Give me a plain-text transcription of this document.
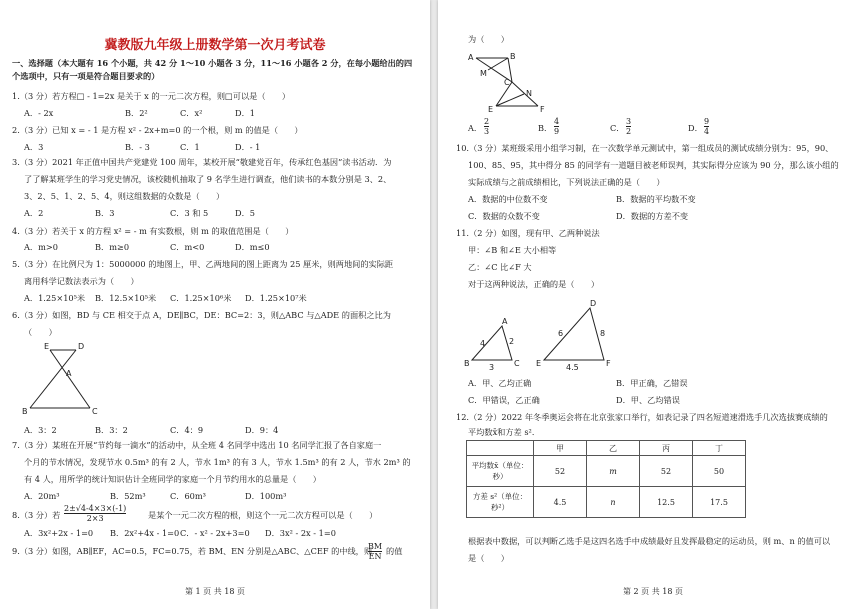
冀教版九年级上册数学第一次月考试卷
一、选择题（本大题有 16 个小题，共 42 分 1～10 小题各 3 分，11～16 小题各 2 分，在每小题给出的四
个选项中，只有一项是符合题目要求的）
1.（3 分）若方程□ - 1=2x 是关于 x 的一元二次方程，则□可以是（　　）
A．- 2x	B．2²	C．x²	D．1
2.（3 分）已知 x = - 1 是方程 x² - 2x+m=0 的一个根，则 m 的值是（　　）
A．3	B．- 3	C．1	D．- 1
3.（3 分）2021 年正值中国共产党建党 100 周年，某校开展“敬建党百年，传承红色基因”读书活动．为
了了解某班学生的学习党史情况，该校随机抽取了 9 名学生进行调查，他们读书的本数分别是 3、2、
3、2、5、1、2、5、4，则这组数据的众数是（　　）
A．2	B．3	C．3 和 5	D．5
4.（3 分）若关于 x 的方程 x² = - m 有实数根，则 m 的取值范围是（　　）
A．m>0	B．m≥0	C．m<0	D．m≤0
5.（3 分）在比例尺为 1：5000000 的地图上，甲、乙两地间的图上距离为 25 厘米，则两地间的实际距
离用科学记数法表示为（　　）
A．1.25×10⁵米 B．12.5×10⁵米 C．1.25×10⁶米 D．1.25×10⁷米
6.（3 分）如图，BD 与 CE 相交于点 A，DE∥BC，DE：BC=2：3，则△ABC 与△ADE 的面积之比为
（　　）
E	D
A
B	C
A．3：2	B．3：2	C．4：9	D．9：4
7.（3 分）某班在开展“节约每一滴水”的活动中，从全班 4 名同学中选出 10 名同学汇报了各自家庭一
个月的节水情况，发现节水 0.5m³ 的有 2 人，节水 1m³ 的有 3 人，节水 1.5m³ 的有 2 人，节水 2m³ 的
有 4 人，用所学的统计知识估计全班同学的家庭一个月节约用水的总量是（　　）
A．20m³	B．52m³	C．60m³	D．100m³
8.（3 分）若 $\frac{2\pm√4-4\times 3\times(-1)}{2\times 3}$	是某个一元二次方程的根，则这个一元二次方程可以是（　　）
A．3x²+2x - 1=0 B．2x²+4x - 1=0 C．- x² - 2x+3=0 D．3x² - 2x - 1=0
9.（3 分）如图，AB∥EF，AC=0.5，FC=0.75，若 BM、EN 分别是△ABC、△CEF 的中线，则
$\frac{BM}{EN}$ 的值
第 1 页 共 18 页
为（　　）
A	B
M
C
N
E	F
A． $\frac{2}{3}$	B． $\frac{4}{9}$	C． $\frac{3}{2}$	D． $\frac{9}{4}$
10.（3 分）某班级采用小组学习制，在一次数学单元测试中，第一组成员的测试成绩分别为：95，90、
100、85、95，其中得分 85 的同学有一道题目被老师误判，其实际得分应该为 90 分，那么该小组的
实际成绩与之前成绩相比，下列说法正确的是（　　）
A．数据的中位数不变	B．数据的平均数不变
C．数据的众数不变	D．数据的方差不变
11.（2 分）如图，现有甲、乙两种说法
甲：∠B 和∠E 大小相等
乙：∠C 比∠F 大
对于这两种说法，正确的是（　　）
B
A
C
2
4
3	E
D
F
6	8
4.5
A．甲、乙均正确	B．甲正确，乙错误
C．甲错误，乙正确	D．甲、乙均错误
12.（2 分）2022 年冬季奥运会将在北京张家口举行，如表记录了四名短道速滑选手几次选拔赛成绩的
平均数x̄和方差 s²．
根据表中数据，可以判断乙选手是这四名选手中成绩最好且发挥最稳定的运动员，则 m、n 的值可以
是（　　）
第 2 页 共 18 页
	甲	乙	丙	丁
平均数x̄（单位：秒）	52	m	52	50
方差 s²（单位：秒²）	4.5	n	12.5	17.5
